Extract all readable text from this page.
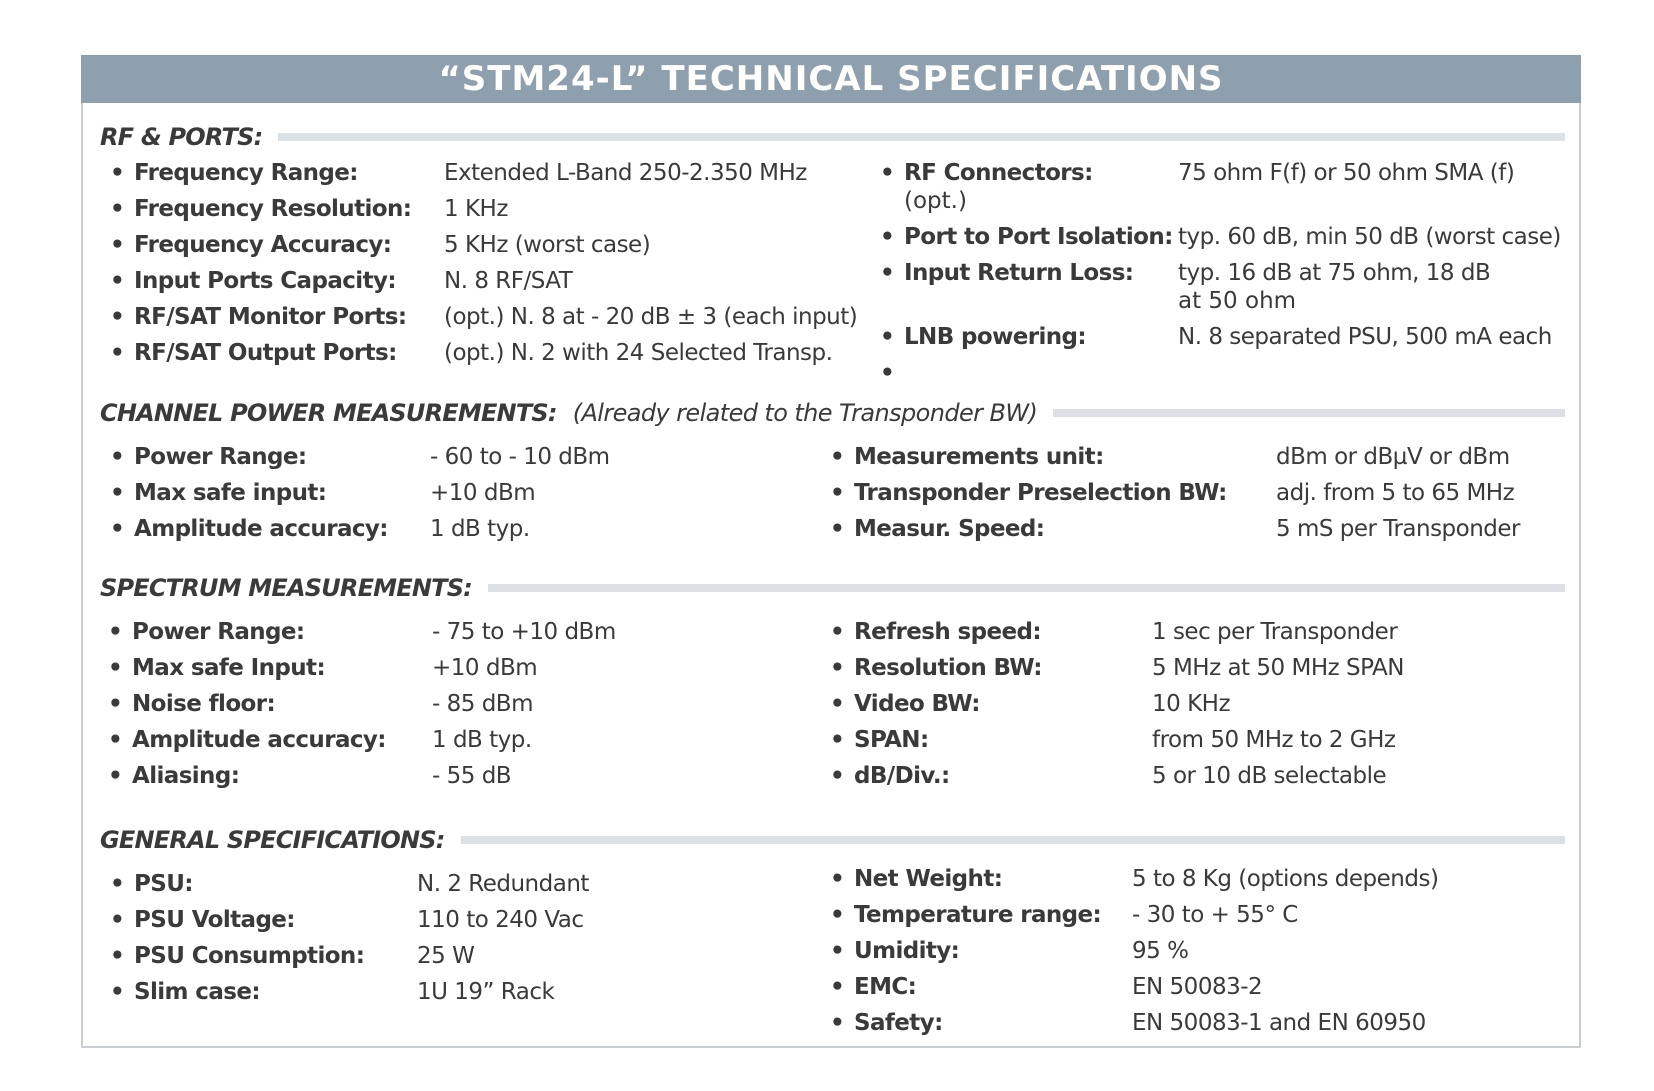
“STM24-L” TECHNICAL SPECIFICATIONS
RF & PORTS:
• Frequency Range:	Extended L-Band 250-2.350 MHz
• Frequency Resolution: 1 KHz
• Frequency Accuracy: 5 KHz (worst case)
• Input Ports Capacity: N. 8 RF/SAT
• RF/SAT Monitor Ports: (opt.) N. 8 at - 20 dB ± 3 (each input)
• RF/SAT Output Ports: (opt.) N. 2 with 24 Selected Transp.
• RF Connectors:	75 ohm F(f) or 50 ohm SMA (f)
(opt.)
• Port to Port Isolation: typ. 60 dB, min 50 dB (worst case)
• Input Return Loss: typ. 16 dB at 75 ohm, 18 dB
at 50 ohm
• LNB powering:	N. 8 separated PSU, 500 mA each
•
CHANNEL POWER MEASUREMENTS: (Already related to the Transponder BW)
• Power Range:	- 60 to - 10 dBm
• Max safe input:	+10 dBm
• Amplitude accuracy: 1 dB typ.
• Measurements unit:	dBm or dBµV or dBm
• Transponder Preselection BW: adj. from 5 to 65 MHz
• Measur. Speed:	5 mS per Transponder
SPECTRUM MEASUREMENTS:
• Power Range:	- 75 to +10 dBm
• Max safe Input:	+10 dBm
• Noise floor:	- 85 dBm
• Amplitude accuracy: 1 dB typ.
• Aliasing:	- 55 dB
• Refresh speed:	1 sec per Transponder
• Resolution BW:	5 MHz at 50 MHz SPAN
• Video BW:	10 KHz
• SPAN:	from 50 MHz to 2 GHz
• dB/Div.:	5 or 10 dB selectable
GENERAL SPECIFICATIONS:
• PSU:	N. 2 Redundant
• PSU Voltage:	110 to 240 Vac
• PSU Consumption: 25 W
• Slim case:	1U 19” Rack
• Net Weight:	5 to 8 Kg (options depends)
• Temperature range: - 30 to + 55° C
• Umidity:	95 %
• EMC:	EN 50083-2
• Safety:	EN 50083-1 and EN 60950
